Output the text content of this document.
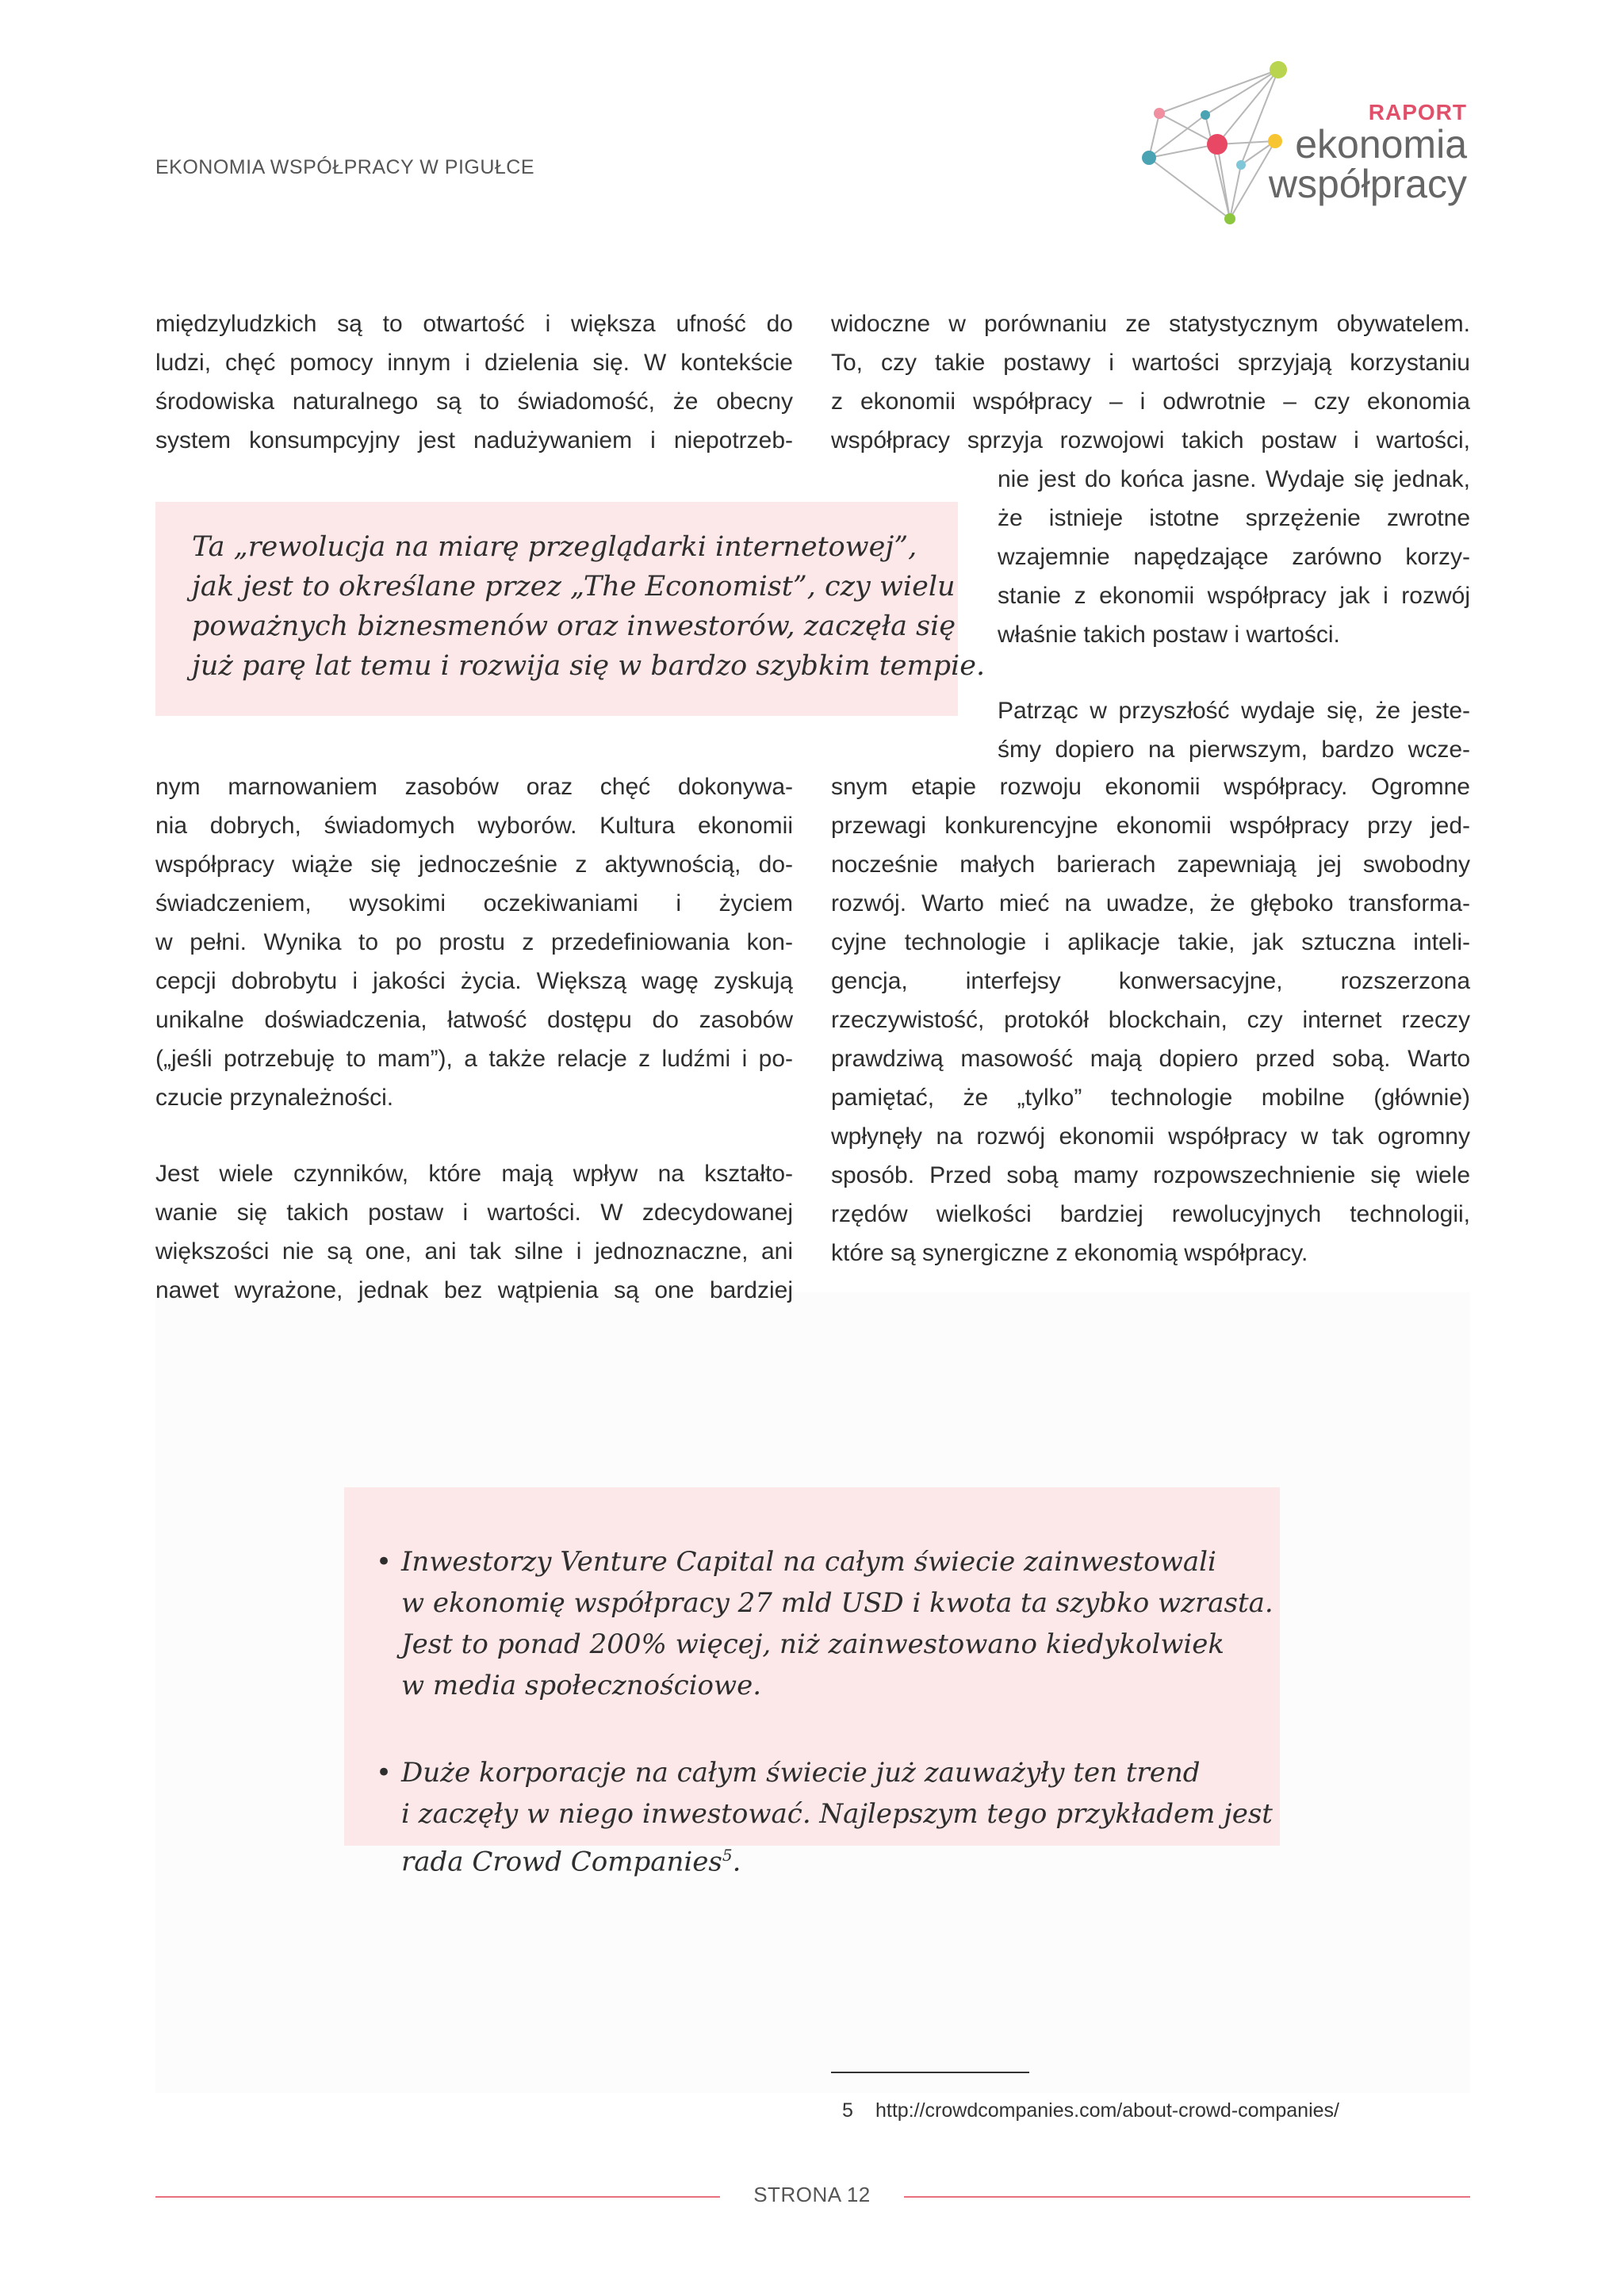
EKONOMIA WSPÓŁPRACY W PIGUŁCE
RAPORT
ekonomia
współpracy
międzyludzkich są to otwartość i większa ufność do
ludzi, chęć pomocy innym i dzielenia się. W kontekście
środowiska naturalnego są to świadomość, że obecny
system konsumpcyjny jest nadużywaniem i niepotrzeb-
Ta „rewolucja na miarę przeglądarki internetowej”,
jak jest to określane przez „The Economist”, czy wielu
poważnych biznesmenów oraz inwestorów, zaczęła się
już parę lat temu i rozwija się w bardzo szybkim tempie.
nym marnowaniem zasobów oraz chęć dokonywa-
nia dobrych, świadomych wyborów. Kultura ekonomii
współpracy wiąże się jednocześnie z aktywnością, do-
świadczeniem, wysokimi oczekiwaniami i życiem
w pełni. Wynika to po prostu z przedefiniowania kon-
cepcji dobrobytu i jakości życia. Większą wagę zyskują
unikalne doświadczenia, łatwość dostępu do zasobów
(„jeśli potrzebuję to mam”), a także relacje z ludźmi i po-
czucie przynależności.
Jest wiele czynników, które mają wpływ na kształto-
wanie się takich postaw i wartości. W zdecydowanej
większości nie są one, ani tak silne i jednoznaczne, ani
nawet wyrażone, jednak bez wątpienia są one bardziej
widoczne w porównaniu ze statystycznym obywatelem.
To, czy takie postawy i wartości sprzyjają korzystaniu
z ekonomii współpracy – i odwrotnie – czy ekonomia
współpracy sprzyja rozwojowi takich postaw i wartości,
nie jest do końca jasne. Wydaje się jednak,
że istnieje istotne sprzężenie zwrotne
wzajemnie napędzające zarówno korzy-
stanie z ekonomii współpracy jak i rozwój
właśnie takich postaw i wartości.
Patrząc w przyszłość wydaje się, że jeste-
śmy dopiero na pierwszym, bardzo wcze-
snym etapie rozwoju ekonomii współpracy. Ogromne
przewagi konkurencyjne ekonomii współpracy przy jed-
nocześnie małych barierach zapewniają jej swobodny
rozwój. Warto mieć na uwadze, że głęboko transforma-
cyjne technologie i aplikacje takie, jak sztuczna inteli-
gencja, interfejsy konwersacyjne, rozszerzona
rzeczywistość, protokół blockchain, czy internet rzeczy
prawdziwą masowość mają dopiero przed sobą. Warto
pamiętać, że „tylko” technologie mobilne (głównie)
wpłynęły na rozwój ekonomii współpracy w tak ogromny
sposób. Przed sobą mamy rozpowszechnienie się wiele
rzędów wielkości bardziej rewolucyjnych technologii,
które są synergiczne z ekonomią współpracy.
• Inwestorzy Venture Capital na całym świecie zainwestowali
w ekonomię współpracy 27 mld USD i kwota ta szybko wzrasta.
Jest to ponad 200% więcej, niż zainwestowano kiedykolwiek
w media społecznościowe.
• Duże korporacje na całym świecie już zauważyły ten trend
i zaczęły w niego inwestować. Najlepszym tego przykładem jest
rada Crowd Companies$^5$.
5 http://crowdcompanies.com/about-crowd-companies/
STRONA 12
